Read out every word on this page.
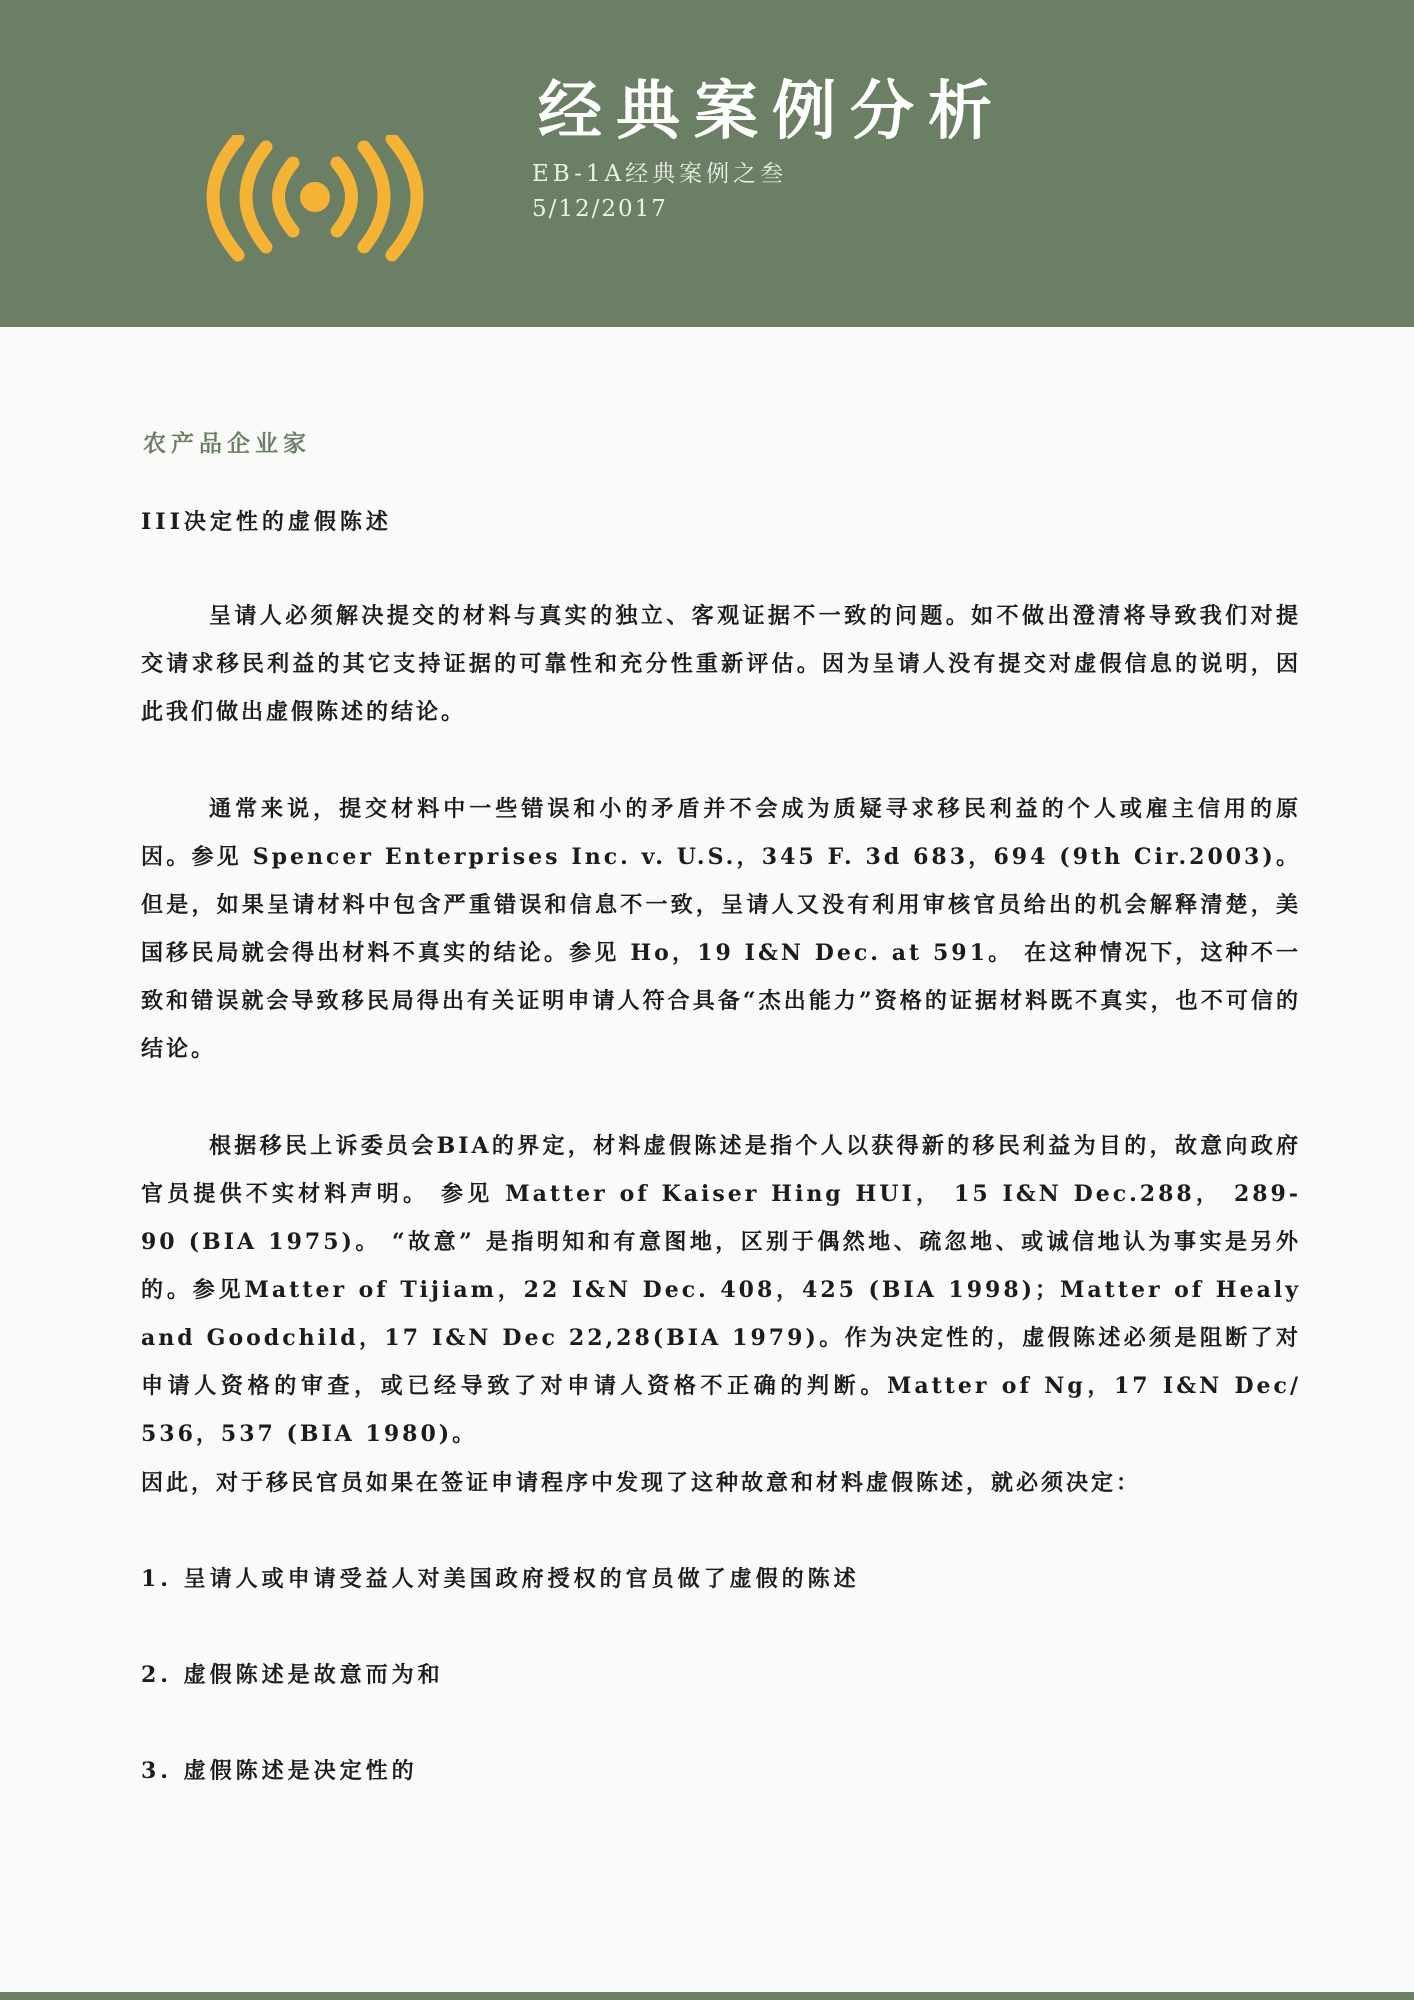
经典案例分析
EB-1A经典案例之叁
5/12/2017
农产品企业家
III决定性的虚假陈述

呈请人必须解决提交的材料与真实的独立、客观证据不一致的问题。如不做出澄清将导致我们对提交请求移民利益的其它支持证据的可靠性和充分性重新评估。因为呈请人没有提交对虚假信息的说明，因此我们做出虚假陈述的结论。

通常来说，提交材料中一些错误和小的矛盾并不会成为质疑寻求移民利益的个人或雇主信用的原因。参见 Spencer Enterprises Inc. v. U.S.，345 F. 3d 683，694 (9th Cir.2003)。 但是，如果呈请材料中包含严重错误和信息不一致，呈请人又没有利用审核官员给出的机会解释清楚，美国移民局就会得出材料不真实的结论。参见 Ho，19 I&N Dec. at 591。 在这种情况下，这种不一致和错误就会导致移民局得出有关证明申请人符合具备“杰出能力”资格的证据材料既不真实，也不可信的结论。

根据移民上诉委员会BIA的界定，材料虚假陈述是指个人以获得新的移民利益为目的，故意向政府官员提供不实材料声明。 参见 Matter of Kaiser Hing HUI， 15 I&N Dec.288， 289-90 (BIA 1975)。 “故意” 是指明知和有意图地，区别于偶然地、疏忽地、或诚信地认为事实是另外的。参见Matter of Tijiam，22 I&N Dec. 408，425 (BIA 1998)；Matter of Healy and Goodchild，17 I&N Dec 22,28(BIA 1979)。作为决定性的，虚假陈述必须是阻断了对申请人资格的审查，或已经导致了对申请人资格不正确的判断。Matter of Ng，17 I&N Dec/ 536，537 (BIA 1980)。

因此，对于移民官员如果在签证申请程序中发现了这种故意和材料虚假陈述，就必须决定：

1. 呈请人或申请受益人对美国政府授权的官员做了虚假的陈述
2. 虚假陈述是故意而为和
3. 虚假陈述是决定性的
